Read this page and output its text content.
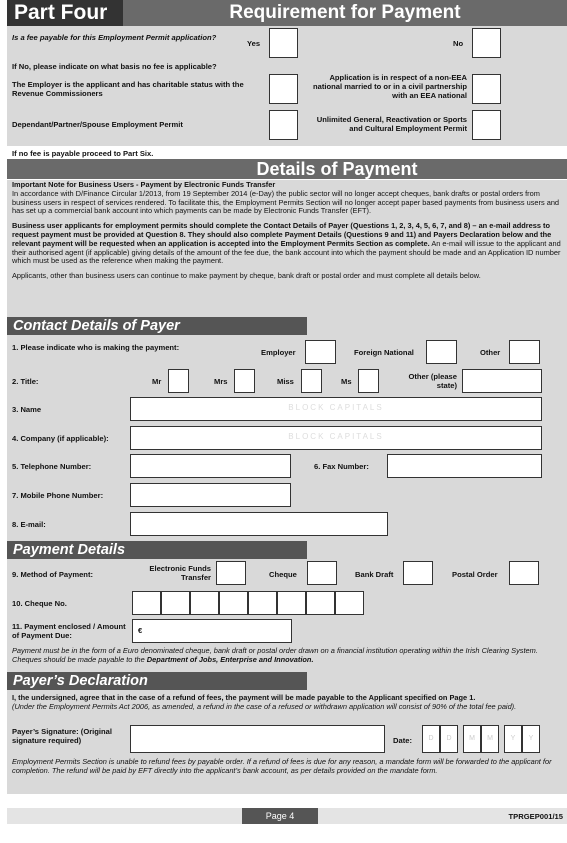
Part Four	Requirement for Payment
Is a fee payable for this Employment Permit application?
Yes	No
If No, please indicate on what basis no fee is applicable?
The Employer is the applicant and has charitable status with the Revenue Commissioners
Application is in respect of a non-EEA national married to or in a civil partnership with an EEA national
Dependant/Partner/Spouse Employment Permit
Unlimited General, Reactivation or Sports and Cultural Employment Permit
If no fee is payable proceed to Part Six.
Details of Payment
Important Note for Business Users - Payment by Electronic Funds Transfer
In accordance with D/Finance Circular 1/2013, from 19 September 2014 (e-Day) the public sector will no longer accept cheques, bank drafts or postal orders from business users in respect of services rendered. To facilitate this, the Employment Permits Section will no longer accept paper based payments from business users and has set up a commercial bank account into which payments can be made by Electronic Funds Transfer (EFT).
Business user applicants for employment permits should complete the Contact Details of Payer (Questions 1, 2, 3, 4, 5, 6, 7, and 8) – an e-mail address to request payment must be provided at Question 8. They should also complete Payment Details (Questions 9 and 11) and Payers Declaration below and the relevant payment will be requested when an application is accepted into the Employment Permits Section as complete. An e-mail will issue to the applicant and their authorised agent (if applicable) giving details of the amount of the fee due, the bank account into which the payment should be made and an Application ID number which must be used as the reference when making the payment.
Applicants, other than business users can continue to make payment by cheque, bank draft or postal order and must complete all details below.
Contact Details of Payer
1. Please indicate who is making the payment:
Employer	Foreign National	Other
2. Title:	Mr	Mrs	Miss	Ms
Other (please state)
3. Name	BLOCK CAPITALS
4. Company (if applicable):	BLOCK CAPITALS
5. Telephone Number:	6. Fax Number:
7. Mobile Phone Number:
8. E-mail:
Payment Details
9. Method of Payment:
Electronic Funds Transfer	Cheque	Bank Draft	Postal Order
10. Cheque No.
11. Payment enclosed / Amount of Payment Due:
€
Payment must be in the form of a Euro denominated cheque, bank draft or postal order drawn on a financial institution operating within the Irish Clearing System. Cheques should be made payable to the Department of Jobs, Enterprise and Innovation.
Payer’s Declaration
I, the undersigned, agree that in the case of a refund of fees, the payment will be made payable to the Applicant specified on Page 1.
(Under the Employment Permits Act 2006, as amended, a refund in the case of a refused or withdrawn application will consist of 90% of the total fee paid).
Payer’s Signature: (Original signature required)	Date:	D	D	M	M	Y	Y
Employment Permits Section is unable to refund fees by payable order. If a refund of fees is due for any reason, a mandate form will be forwarded to the applicant for completion. The refund will be paid by EFT directly into the applicant’s bank account, as per details provided on the mandate form.
Page 4	TPRGEP001/15
